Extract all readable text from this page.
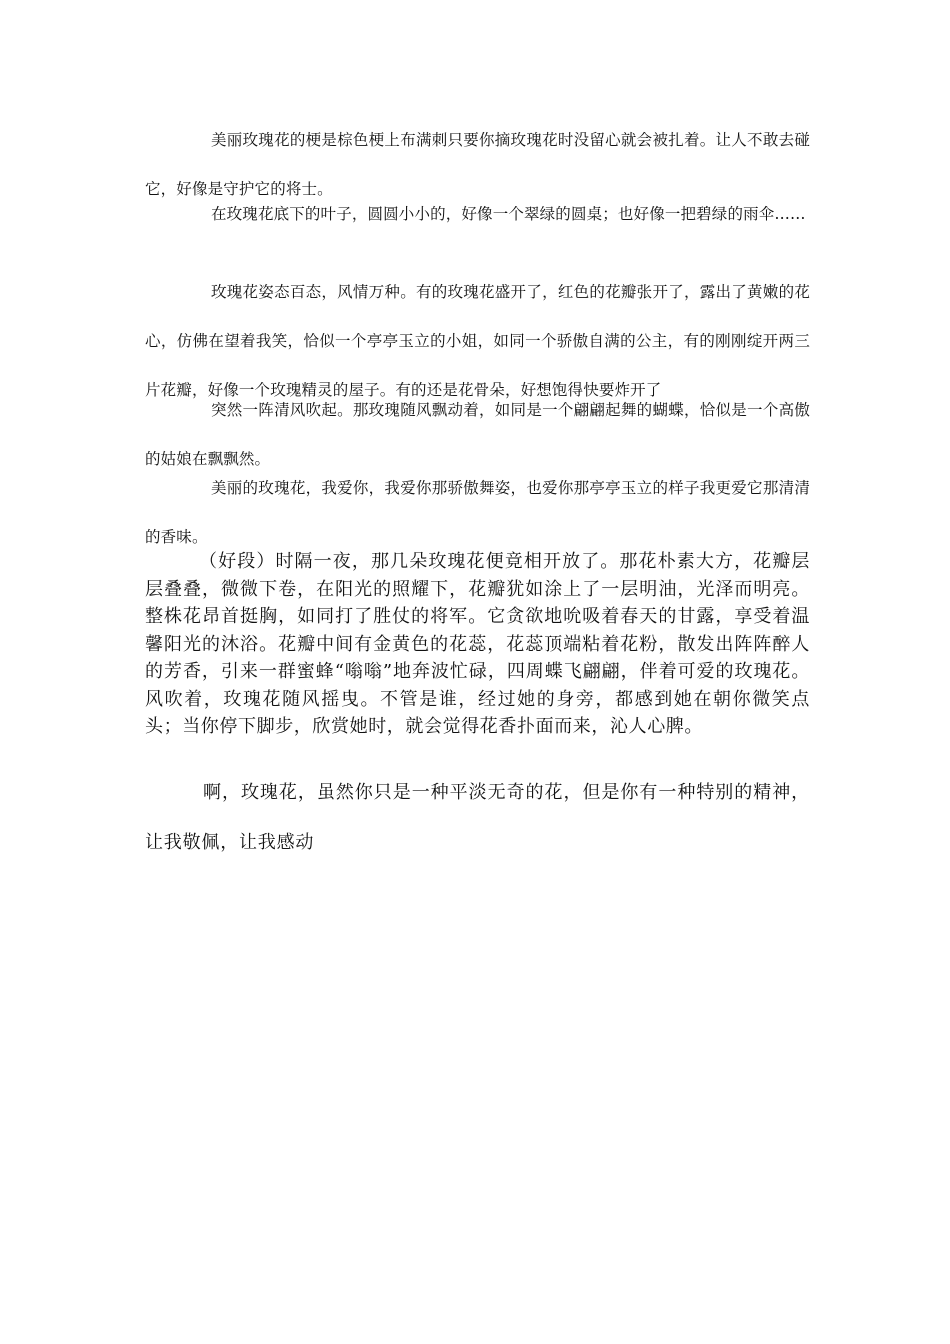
美丽玫瑰花的梗是棕色梗上布满刺只要你摘玫瑰花时没留心就会被扎着。让人不敢去碰它，好像是守护它的将士。

在玫瑰花底下的叶子，圆圆小小的，好像一个翠绿的圆桌；也好像一把碧绿的雨伞……

玫瑰花姿态百态，风情万种。有的玫瑰花盛开了，红色的花瓣张开了，露出了黄嫩的花心，仿佛在望着我笑，恰似一个亭亭玉立的小姐，如同一个骄傲自满的公主，有的刚刚绽开两三片花瓣，好像一个玫瑰精灵的屋子。有的还是花骨朵，好想饱得快要炸开了

突然一阵清风吹起。那玫瑰随风飘动着，如同是一个翩翩起舞的蝴蝶，恰似是一个高傲的姑娘在飘飘然。

美丽的玫瑰花，我爱你，我爱你那骄傲舞姿，也爱你那亭亭玉立的样子我更爱它那清清的香味。

（好段）时隔一夜，那几朵玫瑰花便竟相开放了。那花朴素大方，花瓣层层叠叠，微微下卷，在阳光的照耀下，花瓣犹如涂上了一层明油，光泽而明亮。整株花昂首挺胸，如同打了胜仗的将军。它贪欲地吮吸着春天的甘露，享受着温馨阳光的沐浴。花瓣中间有金黄色的花蕊，花蕊顶端粘着花粉，散发出阵阵醉人的芳香，引来一群蜜蜂“嗡嗡”地奔波忙碌，四周蝶飞翩翩，伴着可爱的玫瑰花。风吹着，玫瑰花随风摇曳。不管是谁，经过她的身旁，都感到她在朝你微笑点头；当你停下脚步，欣赏她时，就会觉得花香扑面而来，沁人心脾。

啊，玫瑰花，虽然你只是一种平淡无奇的花，但是你有一种特别的精神，让我敬佩，让我感动
